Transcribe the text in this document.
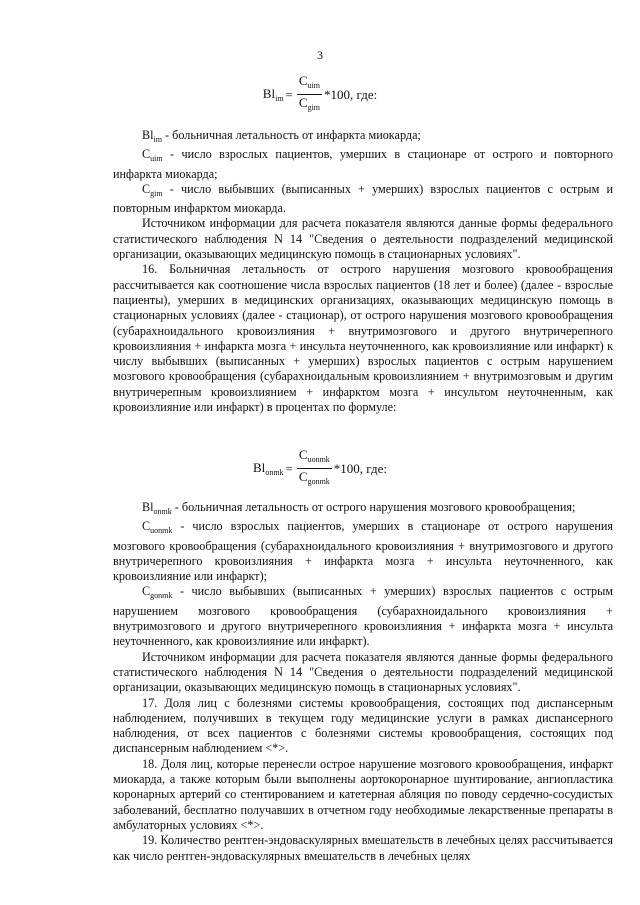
3
$Bl_{im} = \frac{C_{uim}}{C_{gim}} *100$, где:

$Bl_{im}$ - больничная летальность от инфаркта миокарда;

$C_{uim}$ - число взрослых пациентов, умерших в стационаре от острого и повторного инфаркта миокарда;

$C_{gim}$ - число выбывших (выписанных + умерших) взрослых пациентов с острым и повторным инфарктом миокарда.

Источником информации для расчета показателя являются данные формы федерального статистического наблюдения N 14 "Сведения о деятельности подразделений медицинской организации, оказывающих медицинскую помощь в стационарных условиях".

16. Больничная летальность от острого нарушения мозгового кровообращения рассчитывается как соотношение числа взрослых пациентов (18 лет и более) (далее - взрослые пациенты), умерших в медицинских организациях, оказывающих медицинскую помощь в стационарных условиях (далее - стационар), от острого нарушения мозгового кровообращения (субарахноидального кровоизлияния + внутримозгового и другого внутричерепного кровоизлияния + инфаркта мозга + инсульта неуточненного, как кровоизлияние или инфаркт) к числу выбывших (выписанных + умерших) взрослых пациентов с острым нарушением мозгового кровообращения (субарахноидальным кровоизлиянием + внутримозговым и другим внутричерепным кровоизлиянием + инфарктом мозга + инсультом неуточненным, как кровоизлияние или инфаркт) в процентах по формуле:

$Bl_{onmk} = \frac{C_{uonmk}}{C_{gonmk}} *100$, где:

$Bl_{onmk}$ - больничная летальность от острого нарушения мозгового кровообращения;

$C_{uonmk}$ - число взрослых пациентов, умерших в стационаре от острого нарушения мозгового кровообращения (субарахноидального кровоизлияния + внутримозгового и другого внутричерепного кровоизлияния + инфаркта мозга + инсульта неуточненного, как кровоизлияние или инфаркт);

$C_{gonmk}$ - число выбывших (выписанных + умерших) взрослых пациентов с острым нарушением мозгового кровообращения (субарахноидального кровоизлияния + внутримозгового и другого внутричерепного кровоизлияния + инфаркта мозга + инсульта неуточненного, как кровоизлияние или инфаркт).

Источником информации для расчета показателя являются данные формы федерального статистического наблюдения N 14 "Сведения о деятельности подразделений медицинской организации, оказывающих медицинскую помощь в стационарных условиях".

17. Доля лиц с болезнями системы кровообращения, состоящих под диспансерным наблюдением, получивших в текущем году медицинские услуги в рамках диспансерного наблюдения, от всех пациентов с болезнями системы кровообращения, состоящих под диспансерным наблюдением <*>.

18. Доля лиц, которые перенесли острое нарушение мозгового кровообращения, инфаркт миокарда, а также которым были выполнены аортокоронарное шунтирование, ангиопластика коронарных артерий со стентированием и катетерная абляция по поводу сердечно-сосудистых заболеваний, бесплатно получавших в отчетном году необходимые лекарственные препараты в амбулаторных условиях <*>.

19. Количество рентген-эндоваскулярных вмешательств в лечебных целях рассчитывается как число рентген-эндоваскулярных вмешательств в лечебных целях
